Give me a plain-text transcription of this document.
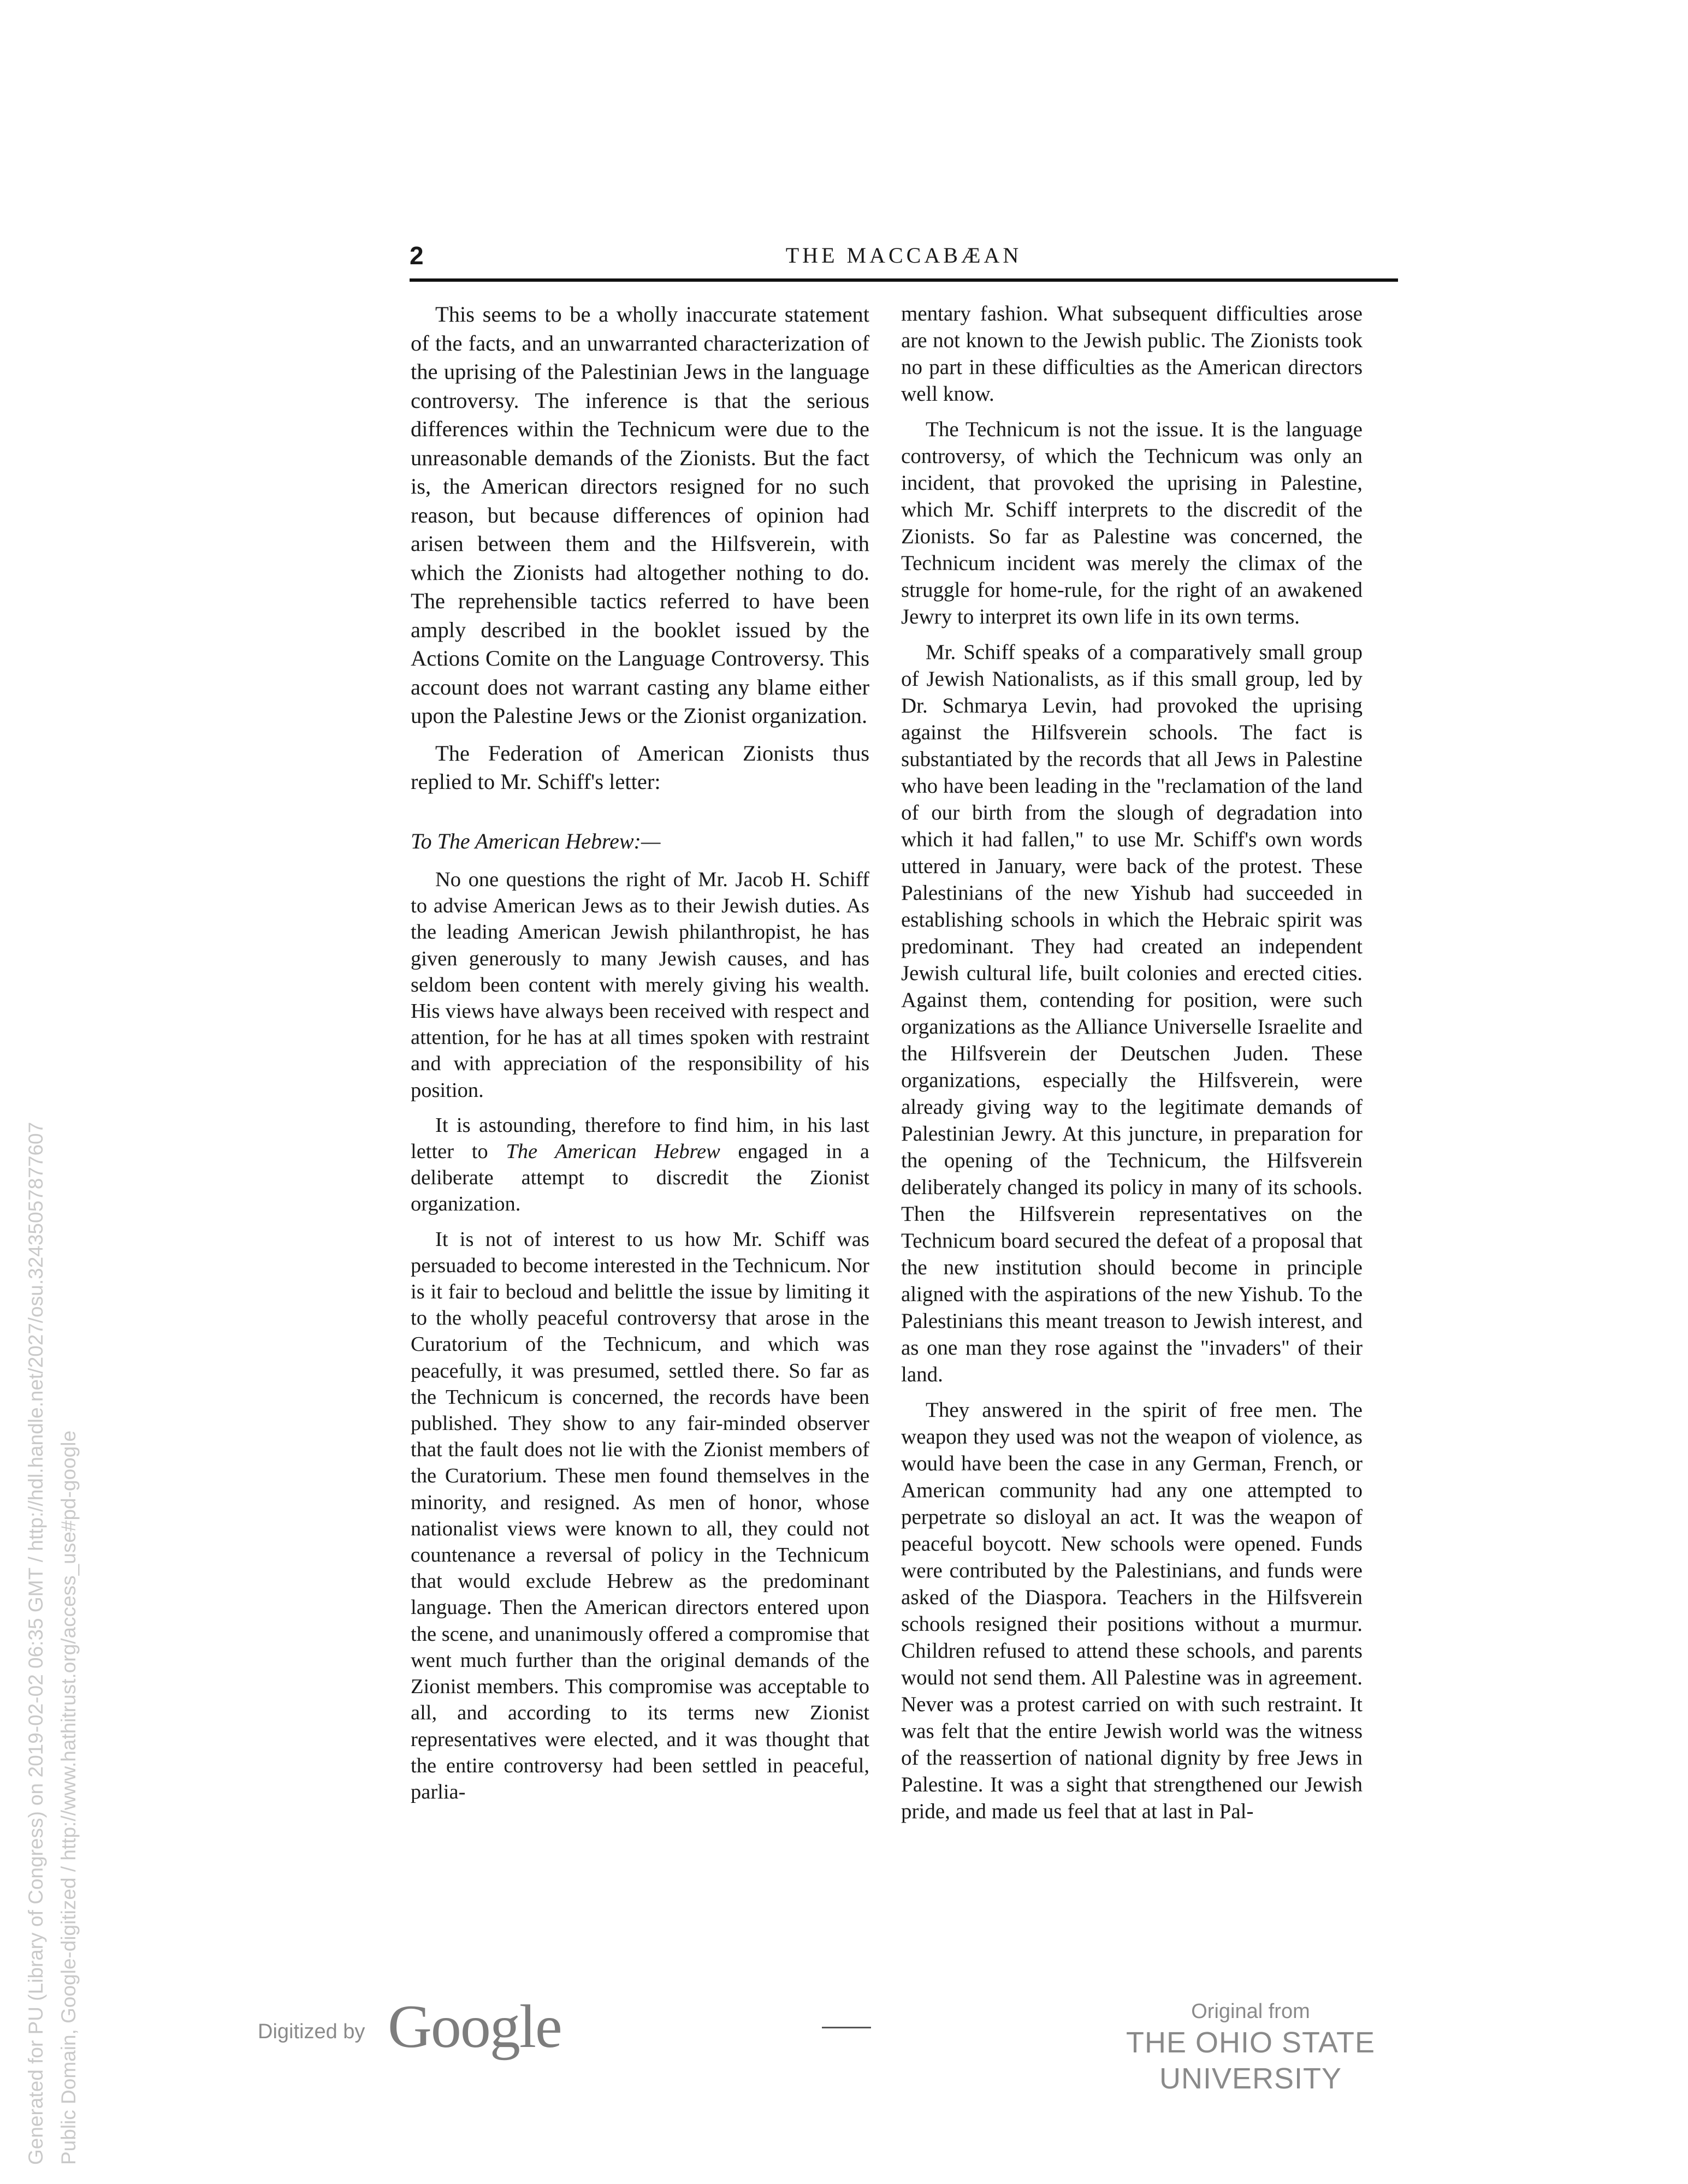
2	THE MACCABÆAN

This seems to be a wholly inaccurate statement of the facts, and an unwarranted characterization of the uprising of the Palestinian Jews in the language controversy. The inference is that the serious differences within the Technicum were due to the unreasonable demands of the Zionists. But the fact is, the American directors resigned for no such reason, but because differences of opinion had arisen between them and the Hilfsverein, with which the Zionists had altogether nothing to do. The reprehensible tactics referred to have been amply described in the booklet issued by the Actions Comite on the Language Controversy. This account does not warrant casting any blame either upon the Palestine Jews or the Zionist organization.

The Federation of American Zionists thus replied to Mr. Schiff's letter:

To The American Hebrew:—

No one questions the right of Mr. Jacob H. Schiff to advise American Jews as to their Jewish duties. As the leading American Jewish philanthropist, he has given generously to many Jewish causes, and has seldom been content with merely giving his wealth. His views have always been received with respect and attention, for he has at all times spoken with restraint and with appreciation of the responsibility of his position.

It is astounding, therefore to find him, in his last letter to The American Hebrew engaged in a deliberate attempt to discredit the Zionist organization.

It is not of interest to us how Mr. Schiff was persuaded to become interested in the Technicum. Nor is it fair to becloud and belittle the issue by limiting it to the wholly peaceful controversy that arose in the Curatorium of the Technicum, and which was peacefully, it was presumed, settled there. So far as the Technicum is concerned, the records have been published. They show to any fair-minded observer that the fault does not lie with the Zionist members of the Curatorium. These men found themselves in the minority, and resigned. As men of honor, whose nationalist views were known to all, they could not countenance a reversal of policy in the Technicum that would exclude Hebrew as the predominant language. Then the American directors entered upon the scene, and unanimously offered a compromise that went much further than the original demands of the Zionist members. This compromise was acceptable to all, and according to its terms new Zionist representatives were elected, and it was thought that the entire controversy had been settled in peaceful, parlia-

mentary fashion. What subsequent difficulties arose are not known to the Jewish public. The Zionists took no part in these difficulties as the American directors well know.

The Technicum is not the issue. It is the language controversy, of which the Technicum was only an incident, that provoked the uprising in Palestine, which Mr. Schiff interprets to the discredit of the Zionists. So far as Palestine was concerned, the Technicum incident was merely the climax of the struggle for home-rule, for the right of an awakened Jewry to interpret its own life in its own terms.

Mr. Schiff speaks of a comparatively small group of Jewish Nationalists, as if this small group, led by Dr. Schmarya Levin, had provoked the uprising against the Hilfsverein schools. The fact is substantiated by the records that all Jews in Palestine who have been leading in the "reclamation of the land of our birth from the slough of degradation into which it had fallen," to use Mr. Schiff's own words uttered in January, were back of the protest. These Palestinians of the new Yishub had succeeded in establishing schools in which the Hebraic spirit was predominant. They had created an independent Jewish cultural life, built colonies and erected cities. Against them, contending for position, were such organizations as the Alliance Universelle Israelite and the Hilfsverein der Deutschen Juden. These organizations, especially the Hilfsverein, were already giving way to the legitimate demands of Palestinian Jewry. At this juncture, in preparation for the opening of the Technicum, the Hilfsverein deliberately changed its policy in many of its schools. Then the Hilfsverein representatives on the Technicum board secured the defeat of a proposal that the new institution should become in principle aligned with the aspirations of the new Yishub. To the Palestinians this meant treason to Jewish interest, and as one man they rose against the "invaders" of their land.

They answered in the spirit of free men. The weapon they used was not the weapon of violence, as would have been the case in any German, French, or American community had any one attempted to perpetrate so disloyal an act. It was the weapon of peaceful boycott. New schools were opened. Funds were contributed by the Palestinians, and funds were asked of the Diaspora. Teachers in the Hilfsverein schools resigned their positions without a murmur. Children refused to attend these schools, and parents would not send them. All Palestine was in agreement. Never was a protest carried on with such restraint. It was felt that the entire Jewish world was the witness of the reassertion of national dignity by free Jews in Palestine. It was a sight that strengthened our Jewish pride, and made us feel that at last in Pal-

Digitized by Google	Original from
THE OHIO STATE UNIVERSITY
Generated for PU (Library of Congress) on 2019-02-02 06:35 GMT / http://hdl.handle.net/2027/osu.32435057877607 Public Domain, Google-digitized / http://www.hathitrust.org/access_use#pd-google
